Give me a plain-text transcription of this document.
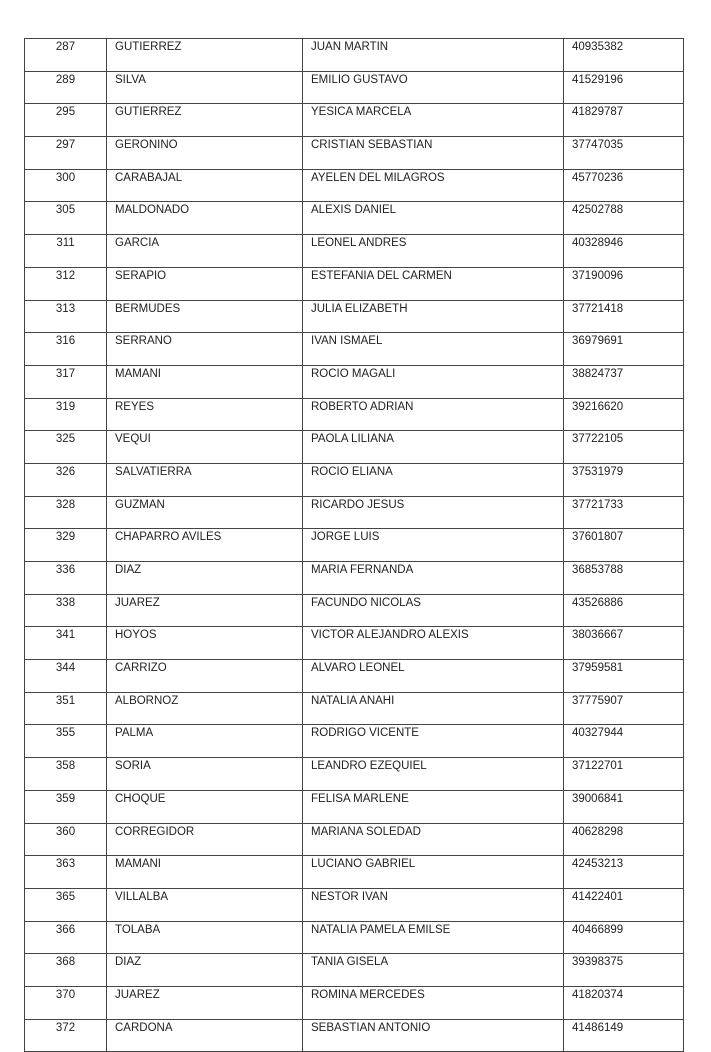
287	GUTIERREZ	JUAN MARTIN	40935382
289	SILVA	EMILIO GUSTAVO	41529196
295	GUTIERREZ	YESICA MARCELA	41829787
297	GERONINO	CRISTIAN SEBASTIAN	37747035
300	CARABAJAL	AYELEN DEL MILAGROS	45770236
305	MALDONADO	ALEXIS DANIEL	42502788
311	GARCIA	LEONEL ANDRES	40328946
312	SERAPIO	ESTEFANIA DEL CARMEN	37190096
313	BERMUDES	JULIA ELIZABETH	37721418
316	SERRANO	IVAN ISMAEL	36979691
317	MAMANI	ROCIO MAGALI	38824737
319	REYES	ROBERTO ADRIAN	39216620
325	VEQUI	PAOLA LILIANA	37722105
326	SALVATIERRA	ROCIO ELIANA	37531979
328	GUZMAN	RICARDO JESUS	37721733
329	CHAPARRO AVILES	JORGE LUIS	37601807
336	DIAZ	MARIA FERNANDA	36853788
338	JUAREZ	FACUNDO NICOLAS	43526886
341	HOYOS	VICTOR ALEJANDRO ALEXIS	38036667
344	CARRIZO	ALVARO LEONEL	37959581
351	ALBORNOZ	NATALIA ANAHI	37775907
355	PALMA	RODRIGO VICENTE	40327944
358	SORIA	LEANDRO EZEQUIEL	37122701
359	CHOQUE	FELISA MARLENE	39006841
360	CORREGIDOR	MARIANA SOLEDAD	40628298
363	MAMANI	LUCIANO GABRIEL	42453213
365	VILLALBA	NESTOR IVAN	41422401
366	TOLABA	NATALIA PAMELA EMILSE	40466899
368	DIAZ	TANIA GISELA	39398375
370	JUAREZ	ROMINA MERCEDES	41820374
372	CARDONA	SEBASTIAN ANTONIO	41486149
